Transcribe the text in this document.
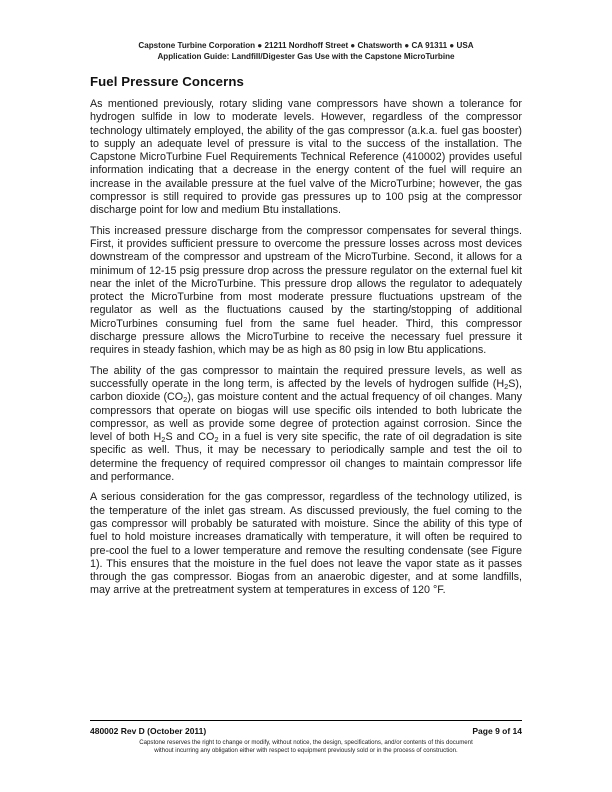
Capstone Turbine Corporation ● 21211 Nordhoff Street ● Chatsworth ● CA 91311 ● USA
Application Guide: Landfill/Digester Gas Use with the Capstone MicroTurbine
Fuel Pressure Concerns

As mentioned previously, rotary sliding vane compressors have shown a tolerance for hydrogen sulfide in low to moderate levels. However, regardless of the compressor technology ultimately employed, the ability of the gas compressor (a.k.a. fuel gas booster) to supply an adequate level of pressure is vital to the success of the installation. The Capstone MicroTurbine Fuel Requirements Technical Reference (410002) provides useful information indicating that a decrease in the energy content of the fuel will require an increase in the available pressure at the fuel valve of the MicroTurbine; however, the gas compressor is still required to provide gas pressures up to 100 psig at the compressor discharge point for low and medium Btu installations.

This increased pressure discharge from the compressor compensates for several things. First, it provides sufficient pressure to overcome the pressure losses across most devices downstream of the compressor and upstream of the MicroTurbine. Second, it allows for a minimum of 12-15 psig pressure drop across the pressure regulator on the external fuel kit near the inlet of the MicroTurbine. This pressure drop allows the regulator to adequately protect the MicroTurbine from most moderate pressure fluctuations upstream of the regulator as well as the fluctuations caused by the starting/stopping of additional MicroTurbines consuming fuel from the same fuel header. Third, this compressor discharge pressure allows the MicroTurbine to receive the necessary fuel pressure it requires in steady fashion, which may be as high as 80 psig in low Btu applications.

The ability of the gas compressor to maintain the required pressure levels, as well as successfully operate in the long term, is affected by the levels of hydrogen sulfide $(H_2S)$, carbon dioxide $(CO_2)$, gas moisture content and the actual frequency of oil changes. Many compressors that operate on biogas will use specific oils intended to both lubricate the compressor, as well as provide some degree of protection against corrosion. Since the level of both $H_2S$ and $CO_2$ in a fuel is very site specific, the rate of oil degradation is site specific as well. Thus, it may be necessary to periodically sample and test the oil to determine the frequency of required compressor oil changes to maintain compressor life and performance.

A serious consideration for the gas compressor, regardless of the technology utilized, is the temperature of the inlet gas stream. As discussed previously, the fuel coming to the gas compressor will probably be saturated with moisture. Since the ability of this type of fuel to hold moisture increases dramatically with temperature, it will often be required to pre-cool the fuel to a lower temperature and remove the resulting condensate (see Figure 1). This ensures that the moisture in the fuel does not leave the vapor state as it passes through the gas compressor. Biogas from an anaerobic digester, and at some landfills, may arrive at the pretreatment system at temperatures in excess of 120 °F.

480002 Rev D (October 2011)	Page 9 of 14
Capstone reserves the right to change or modify, without notice, the design, specifications, and/or contents of this document
without incurring any obligation either with respect to equipment previously sold or in the process of construction.
